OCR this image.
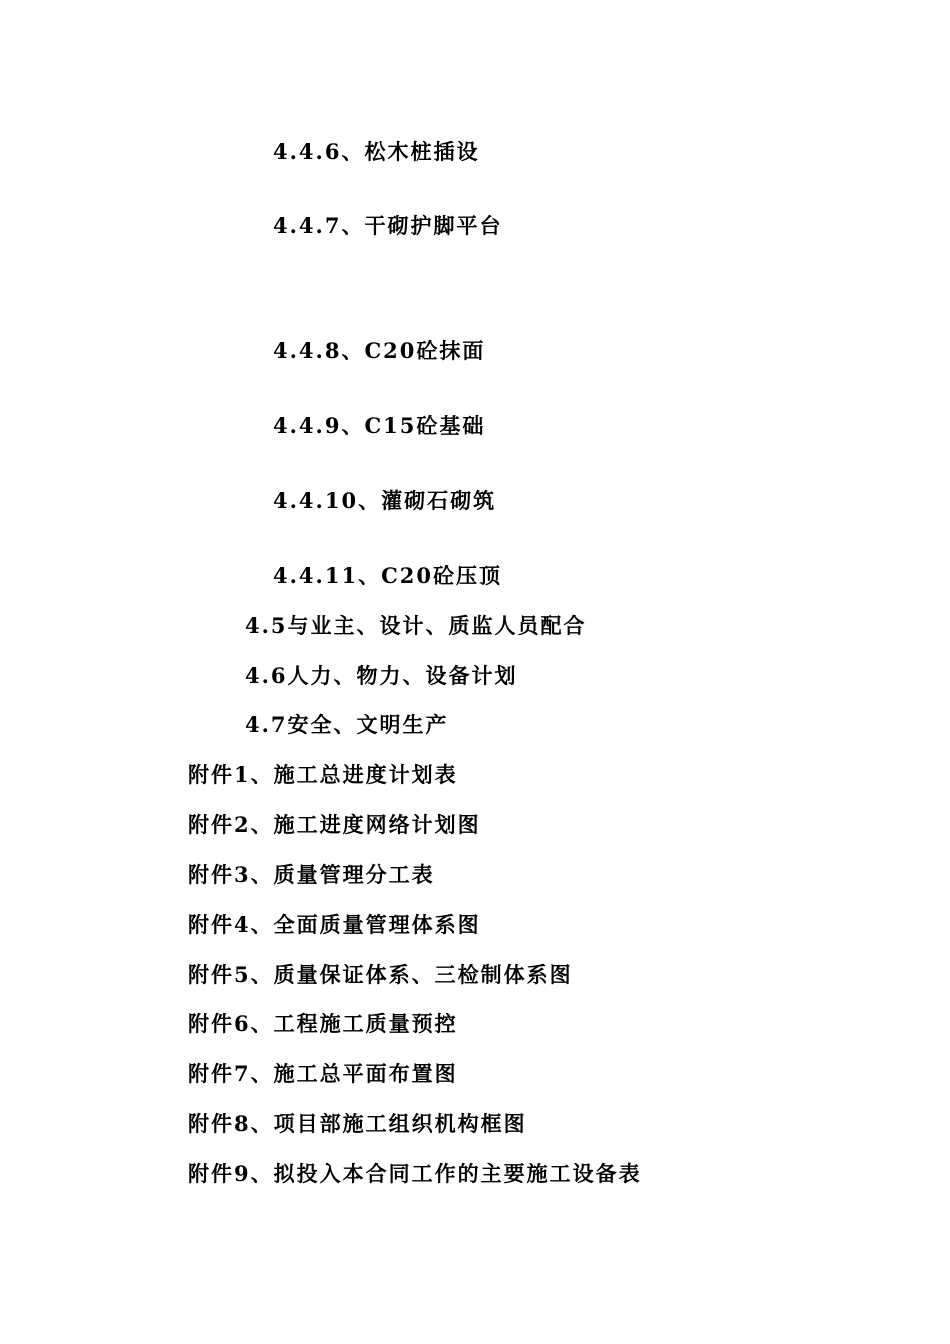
4.4.6、松木桩插设
4.4.7、干砌护脚平台
4.4.8、C20砼抹面
4.4.9、C15砼基础
4.4.10、灌砌石砌筑
4.4.11、C20砼压顶
4.5与业主、设计、质监人员配合
4.6人力、物力、设备计划
4.7安全、文明生产
附件1、施工总进度计划表
附件2、施工进度网络计划图
附件3、质量管理分工表
附件4、全面质量管理体系图
附件5、质量保证体系、三检制体系图
附件6、工程施工质量预控
附件7、施工总平面布置图
附件8、项目部施工组织机构框图
附件9、拟投入本合同工作的主要施工设备表
